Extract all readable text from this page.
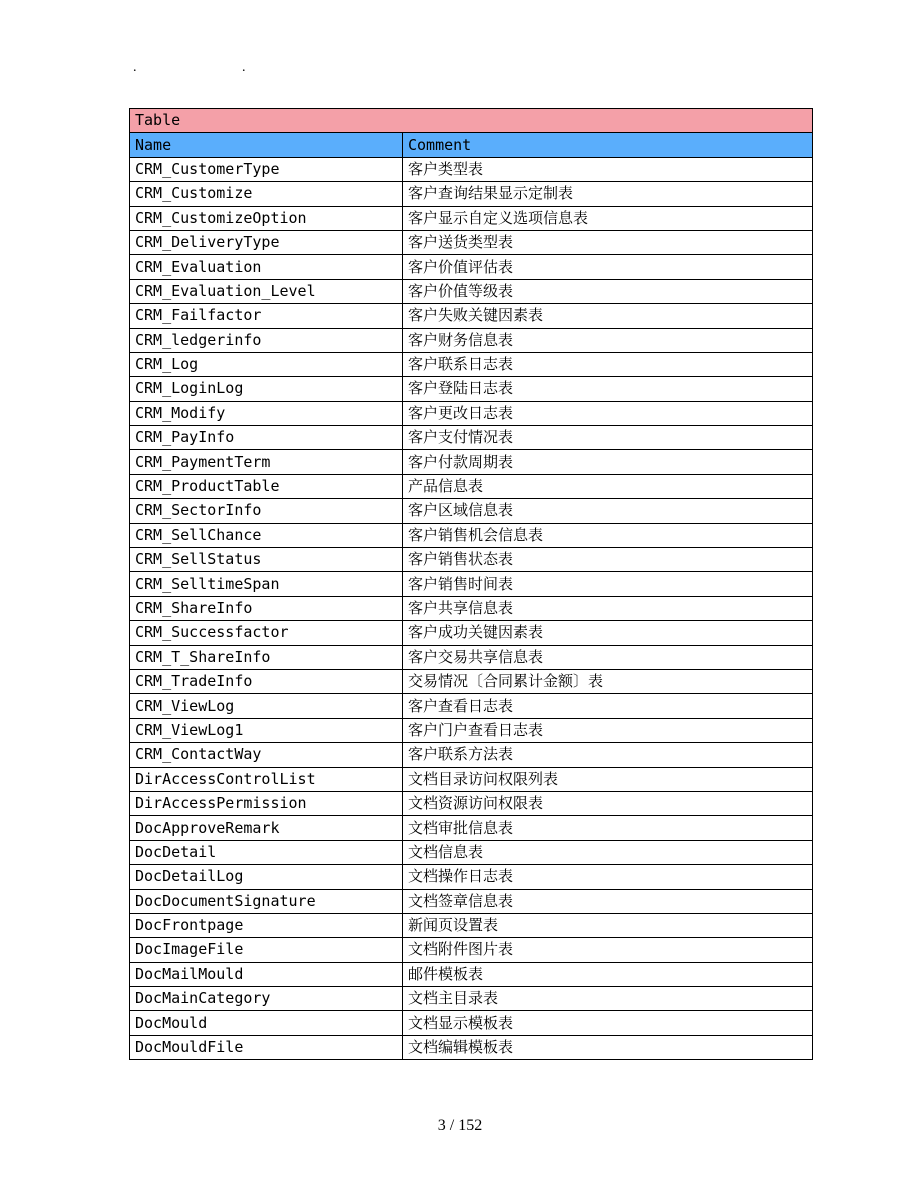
.	.
Table	
Name	Comment
CRM_CustomerType	客户类型表
CRM_Customize	客户查询结果显示定制表
CRM_CustomizeOption	客户显示自定义选项信息表
CRM_DeliveryType	客户送货类型表
CRM_Evaluation	客户价值评估表
CRM_Evaluation_Level	客户价值等级表
CRM_Failfactor	客户失败关键因素表
CRM_ledgerinfo	客户财务信息表
CRM_Log	客户联系日志表
CRM_LoginLog	客户登陆日志表
CRM_Modify	客户更改日志表
CRM_PayInfo	客户支付情况表
CRM_PaymentTerm	客户付款周期表
CRM_ProductTable	产品信息表
CRM_SectorInfo	客户区域信息表
CRM_SellChance	客户销售机会信息表
CRM_SellStatus	客户销售状态表
CRM_SelltimeSpan	客户销售时间表
CRM_ShareInfo	客户共享信息表
CRM_Successfactor	客户成功关键因素表
CRM_T_ShareInfo	客户交易共享信息表
CRM_TradeInfo	交易情况〔合同累计金额〕表
CRM_ViewLog	客户查看日志表
CRM_ViewLog1	客户门户查看日志表
CRM_ContactWay	客户联系方法表
DirAccessControlList	文档目录访问权限列表
DirAccessPermission	文档资源访问权限表
DocApproveRemark	文档审批信息表
DocDetail	文档信息表
DocDetailLog	文档操作日志表
DocDocumentSignature	文档签章信息表
DocFrontpage	新闻页设置表
DocImageFile	文档附件图片表
DocMailMould	邮件模板表
DocMainCategory	文档主目录表
DocMould	文档显示模板表
DocMouldFile	文档编辑模板表
3 / 152
